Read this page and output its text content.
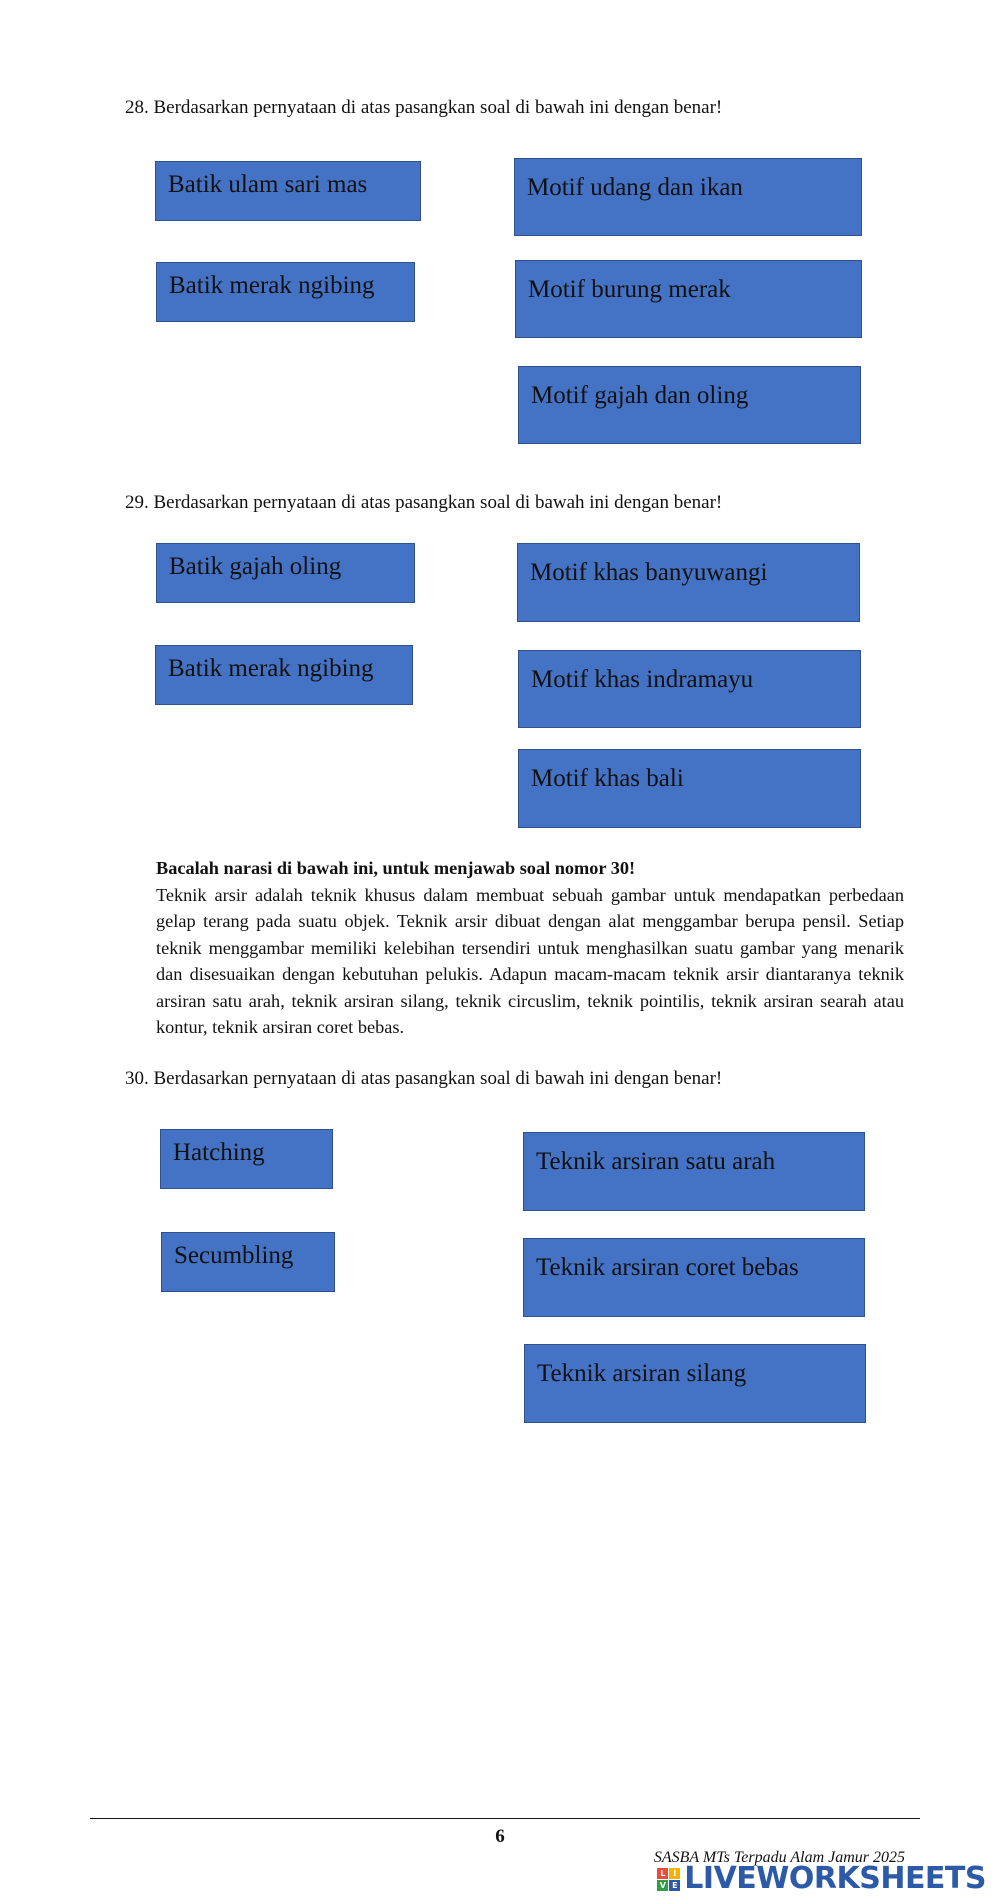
28. Berdasarkan pernyataan di atas pasangkan soal di bawah ini dengan benar!
Batik ulam sari mas
Batik merak ngibing
Motif udang dan ikan
Motif burung merak
Motif gajah dan oling
29. Berdasarkan pernyataan di atas pasangkan soal di bawah ini dengan benar!
Batik gajah oling
Batik merak ngibing
Motif khas banyuwangi
Motif khas indramayu
Motif khas bali
Bacalah narasi di bawah ini, untuk menjawab soal nomor 30!
Teknik arsir adalah teknik khusus dalam membuat sebuah gambar untuk mendapatkan perbedaan gelap terang pada suatu objek. Teknik arsir dibuat dengan alat menggambar berupa pensil. Setiap teknik menggambar memiliki kelebihan tersendiri untuk menghasilkan suatu gambar yang menarik dan disesuaikan dengan kebutuhan pelukis. Adapun macam-macam teknik arsir diantaranya teknik arsiran satu arah, teknik arsiran silang, teknik circuslim, teknik pointilis, teknik arsiran searah atau kontur, teknik arsiran coret bebas.
30. Berdasarkan pernyataan di atas pasangkan soal di bawah ini dengan benar!
Hatching
Secumbling
Teknik arsiran satu arah
Teknik arsiran coret bebas
Teknik arsiran silang
6
SASBA MTs Terpadu Alam Jamur 2025
L I
V E LIVEWORKSHEETS
